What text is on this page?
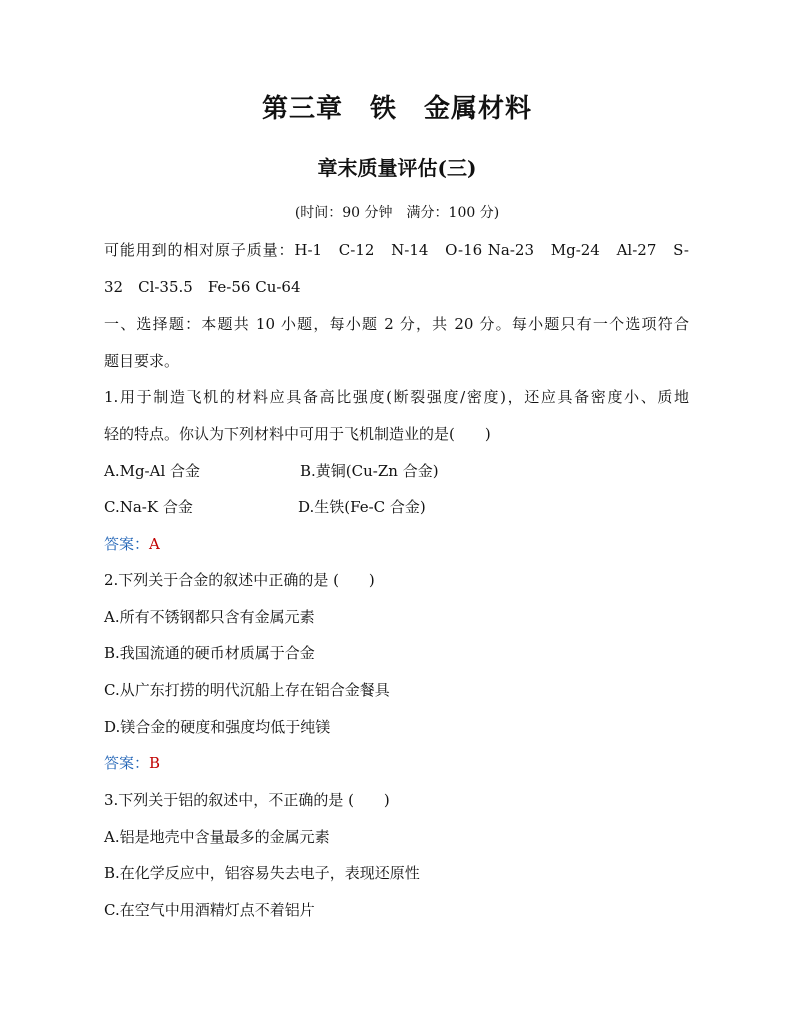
第三章　铁　金属材料
章末质量评估(三)
(时间：90 分钟　满分：100 分)
可能用到的相对原子质量：H-1　C-12　N-14　O-16 Na-23　Mg-24　Al-27　S-
32　Cl-35.5　Fe-56 Cu-64
一、选择题：本题共 10 小题，每小题 2 分，共 20 分。每小题只有一个选项符合
题目要求。
1.用于制造飞机的材料应具备高比强度(断裂强度/密度)，还应具备密度小、质地
轻的特点。你认为下列材料中可用于飞机制造业的是(　　)
A.Mg-Al 合金	B.黄铜(Cu-Zn 合金)
C.Na-K 合金	D.生铁(Fe-C 合金)
答案：A
2.下列关于合金的叙述中正确的是 (　　)
A.所有不锈钢都只含有金属元素
B.我国流通的硬币材质属于合金
C.从广东打捞的明代沉船上存在铝合金餐具
D.镁合金的硬度和强度均低于纯镁
答案：B
3.下列关于铝的叙述中，不正确的是 (　　)
A.铝是地壳中含量最多的金属元素
B.在化学反应中，铝容易失去电子，表现还原性
C.在空气中用酒精灯点不着铝片
